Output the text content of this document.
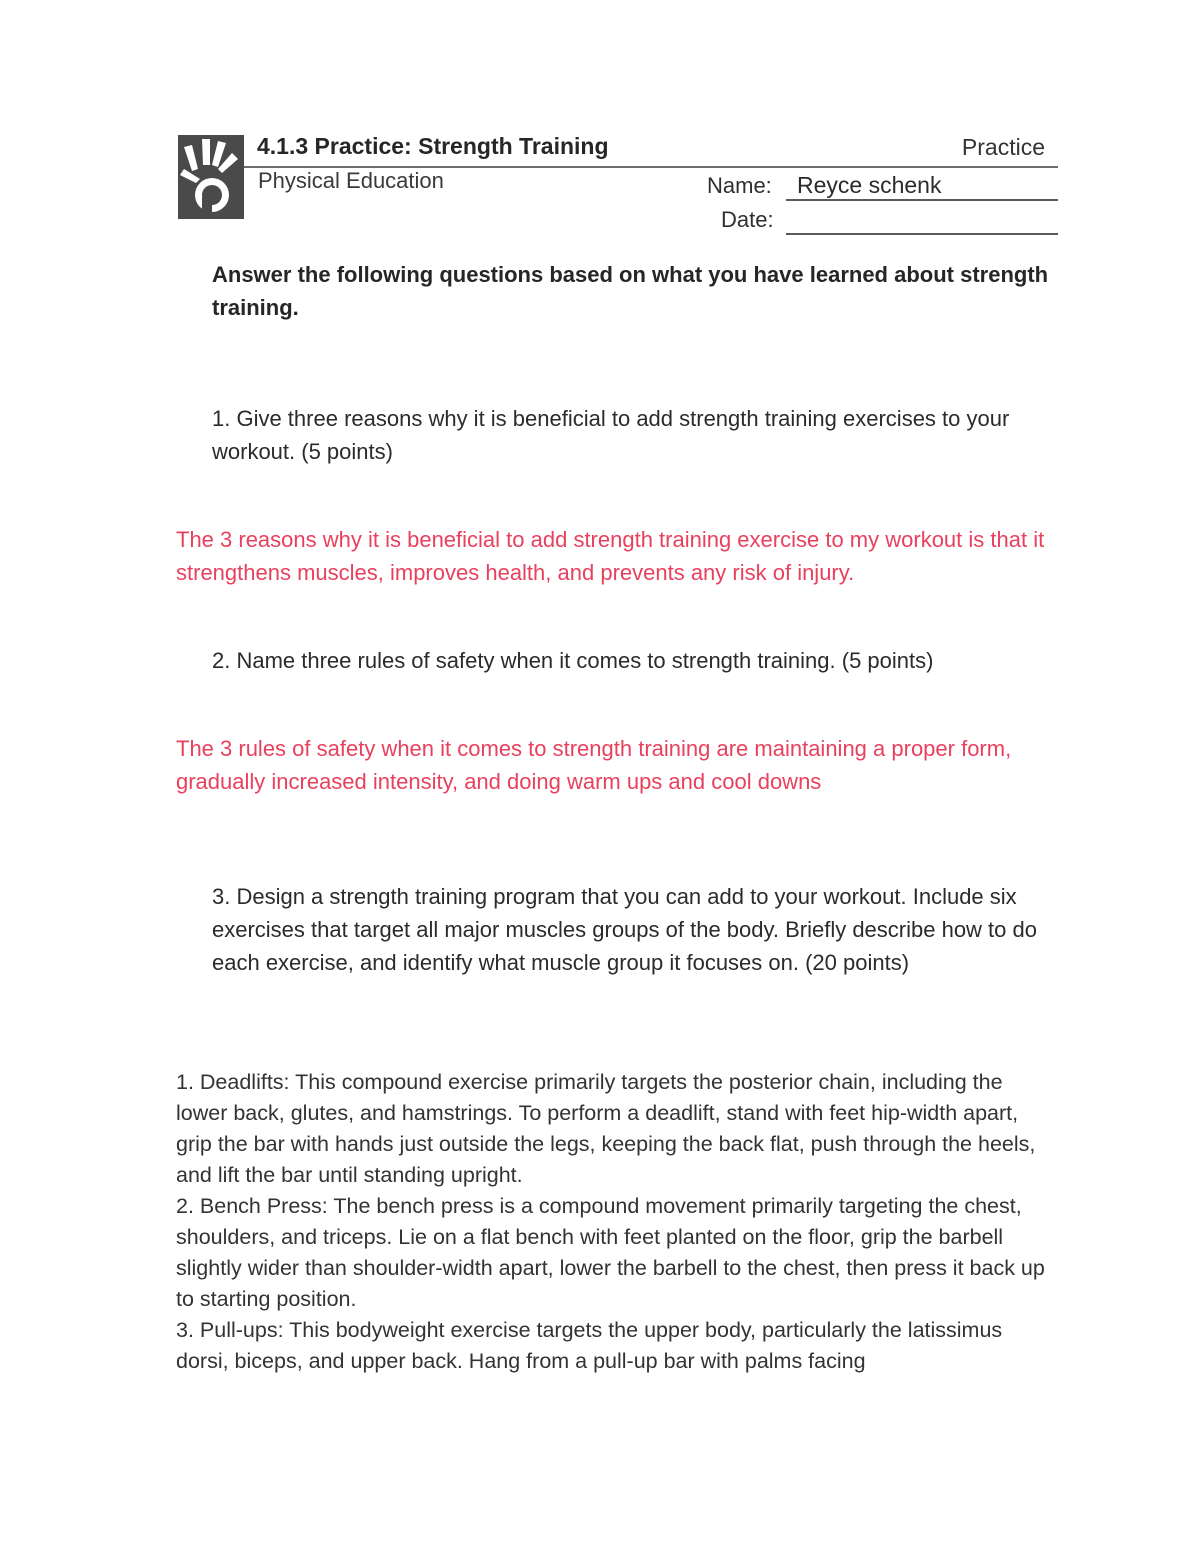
4.1.3 Practice: Strength Training	Practice
Physical Education	Name: Reyce schenk
Date:
Answer the following questions based on what you have learned about strength training.
1. Give three reasons why it is beneficial to add strength training exercises to your workout. (5 points)
The 3 reasons why it is beneficial to add strength training exercise to my workout is that it strengthens muscles, improves health, and prevents any risk of injury.
2. Name three rules of safety when it comes to strength training. (5 points)
The 3 rules of safety when it comes to strength training are maintaining a proper form, gradually increased intensity, and doing warm ups and cool downs
3. Design a strength training program that you can add to your workout. Include six exercises that target all major muscles groups of the body. Briefly describe how to do each exercise, and identify what muscle group it focuses on. (20 points)

1. Deadlifts: This compound exercise primarily targets the posterior chain, including the lower back, glutes, and hamstrings. To perform a deadlift, stand with feet hip-width apart, grip the bar with hands just outside the legs, keeping the back flat, push through the heels, and lift the bar until standing upright.

2. Bench Press: The bench press is a compound movement primarily targeting the chest, shoulders, and triceps. Lie on a flat bench with feet planted on the floor, grip the barbell slightly wider than shoulder-width apart, lower the barbell to the chest, then press it back up to starting position.

3. Pull-ups: This bodyweight exercise targets the upper body, particularly the latissimus dorsi, biceps, and upper back. Hang from a pull-up bar with palms facing
